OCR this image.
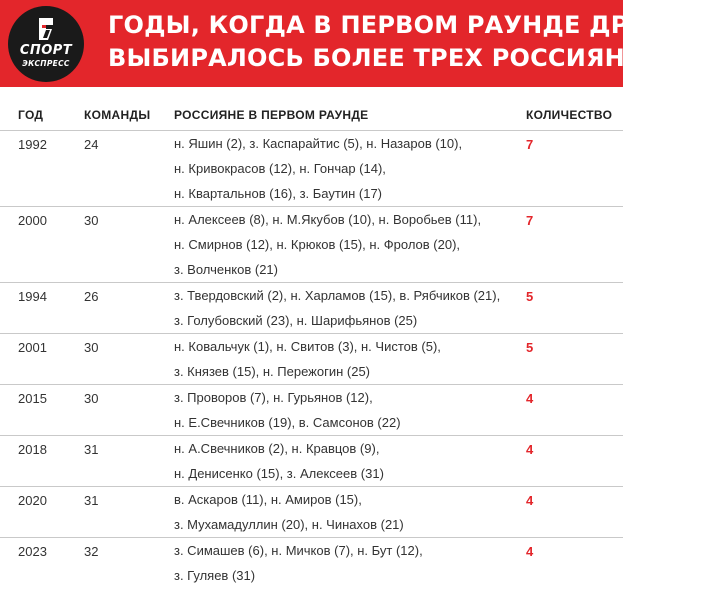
СПОРТ
ЭКСПРЕСС
ГОДЫ, КОГДА В ПЕРВОМ РАУНДЕ ДРАФТА
ВЫБИРАЛОСЬ БОЛЕЕ ТРЕХ РОССИЯН
ГОД	КОМАНДЫ РОССИЯНЕ В ПЕРВОМ РАУНДЕ	КОЛИЧЕСТВО
1992	24	н. Яшин (2), з. Каспарайтис (5), н. Назаров (10),
н. Кривокрасов (12), н. Гончар (14),
н. Квартальнов (16), з. Баутин (17)
7
2000	30	н. Алексеев (8), н. М.Якубов (10), н. Воробьев (11),
н. Смирнов (12), н. Крюков (15), н. Фролов (20),
з. Волченков (21)
7
1994	26	з. Твердовский (2), н. Харламов (15), в. Рябчиков (21),
з. Голубовский (23), н. Шарифьянов (25)
5
2001	30	н. Ковальчук (1), н. Свитов (3), н. Чистов (5),
з. Князев (15), н. Пережогин (25)
5
2015	30	з. Проворов (7), н. Гурьянов (12),
н. Е.Свечников (19), в. Самсонов (22)
4
2018	31	н. А.Свечников (2), н. Кравцов (9),
н. Денисенко (15), з. Алексеев (31)
4
2020	31	в. Аскаров (11), н. Амиров (15),
з. Мухамадуллин (20), н. Чинахов (21)
4
2023	32	з. Симашев (6), н. Мичков (7), н. Бут (12),
з. Гуляев (31)
4
